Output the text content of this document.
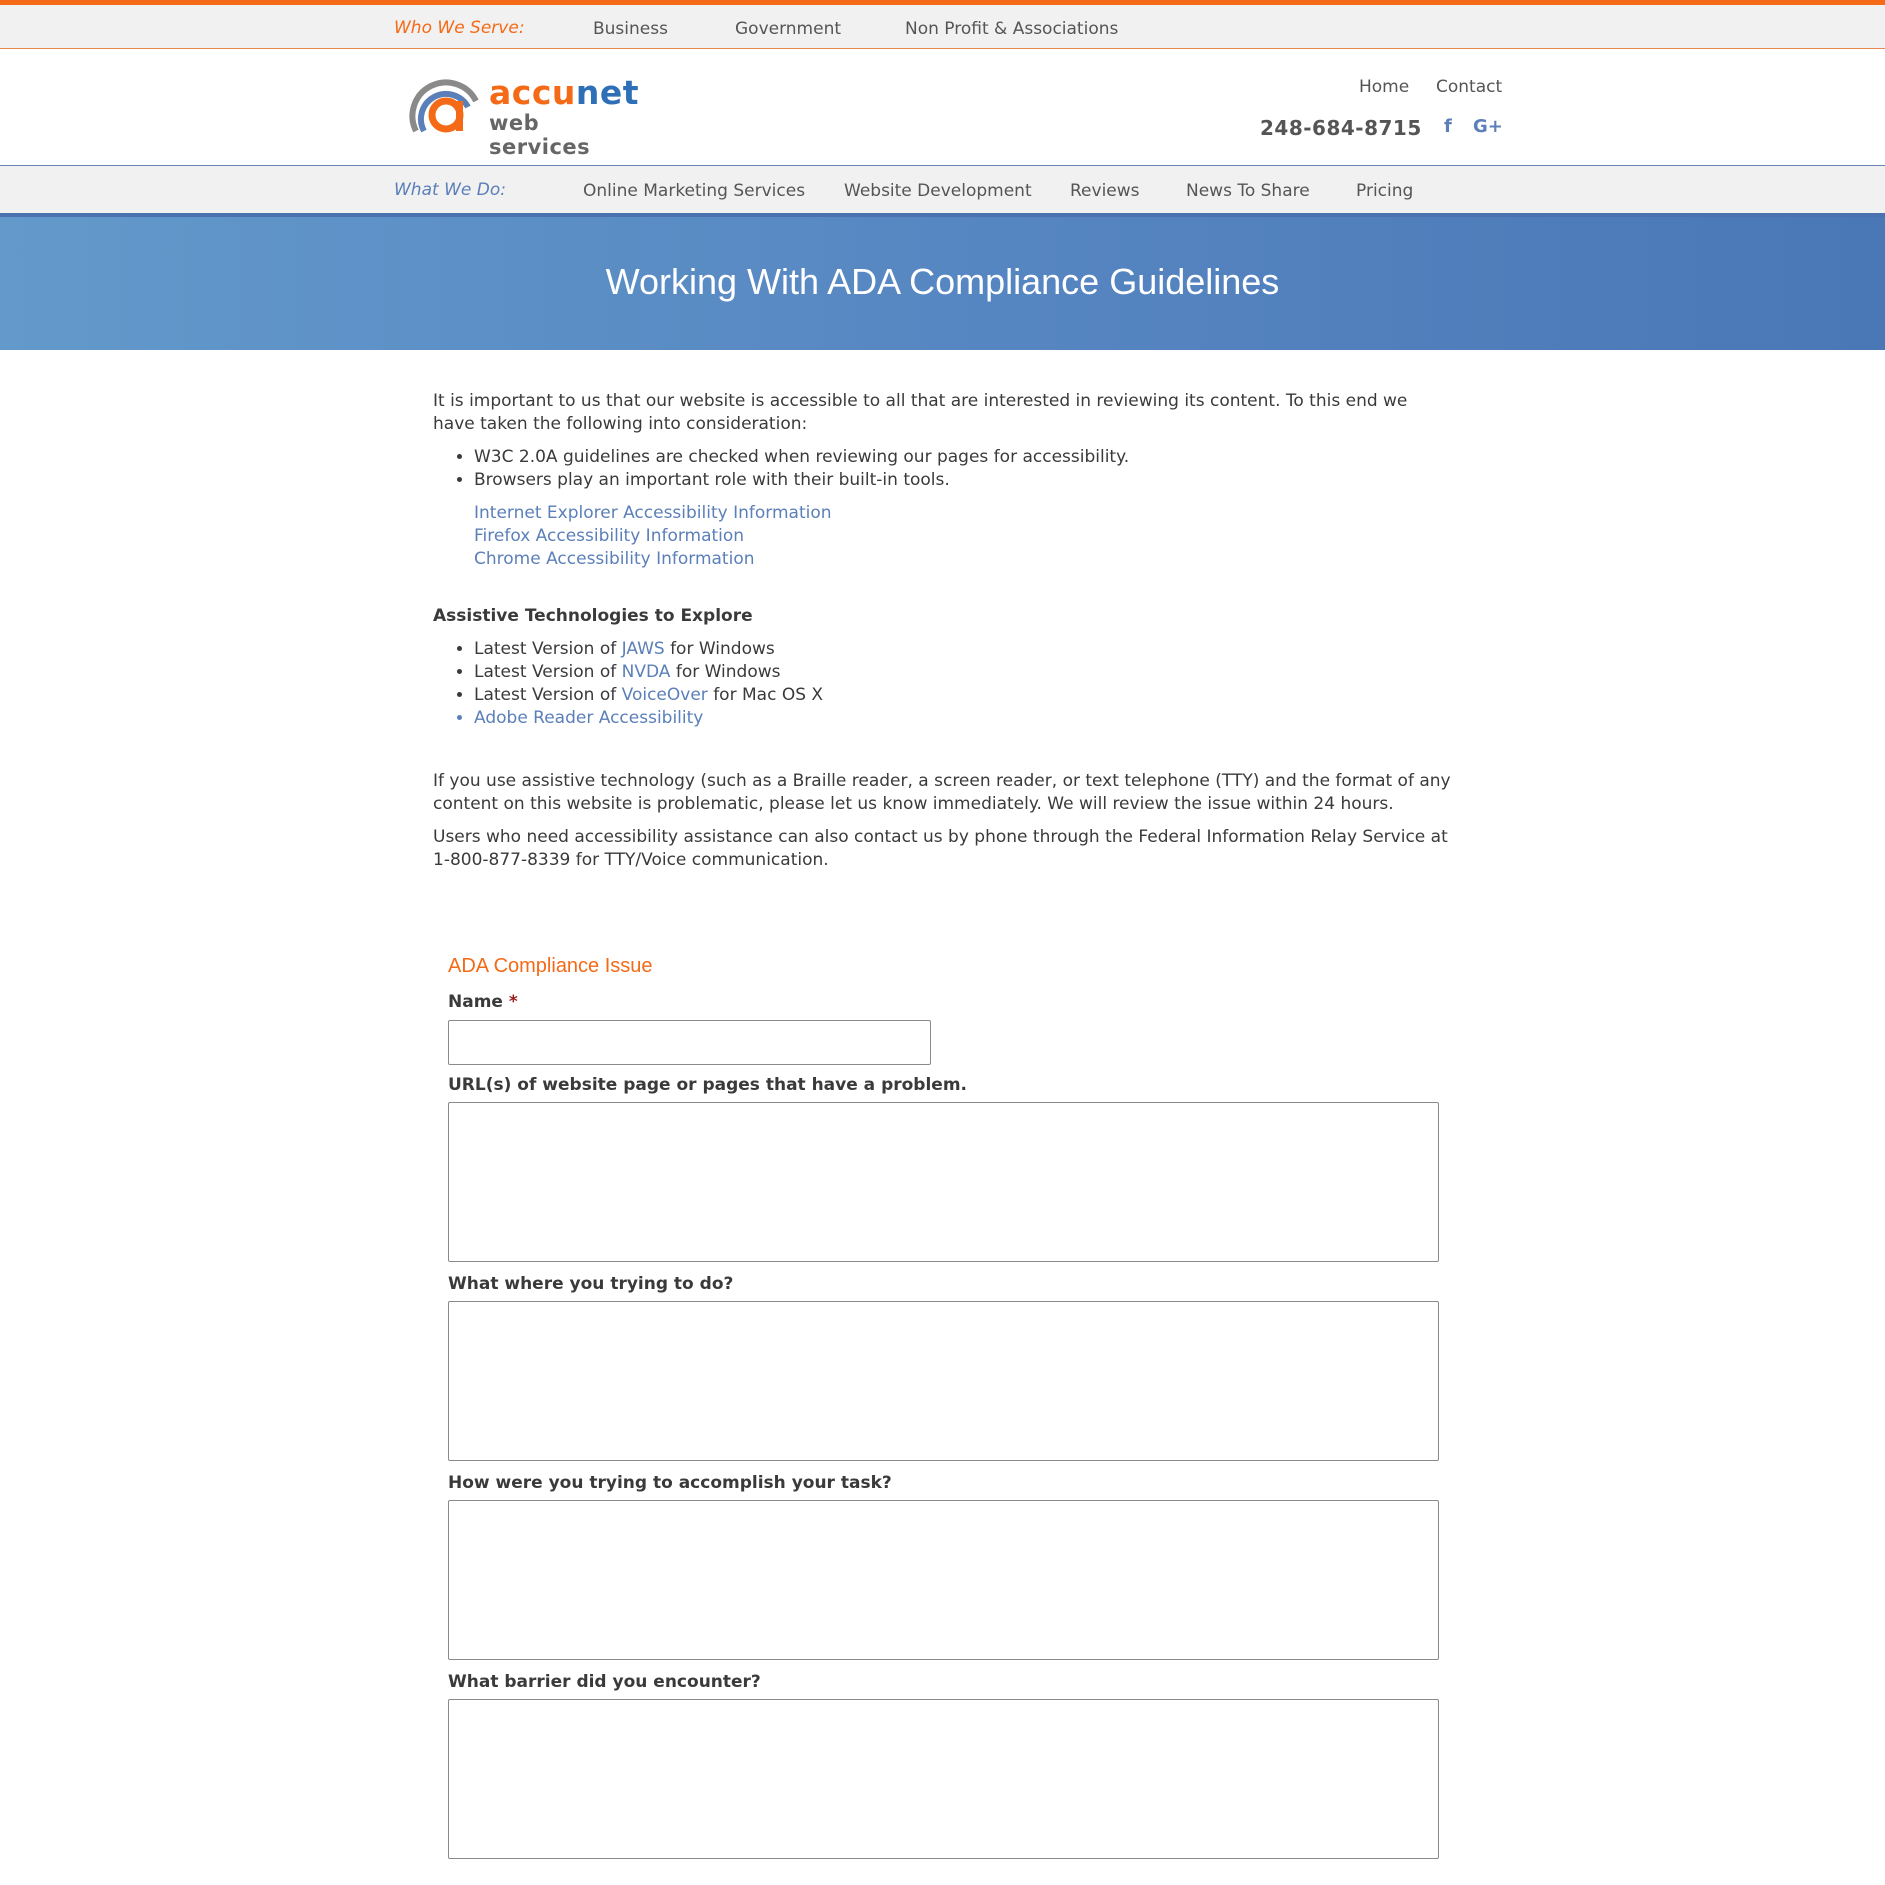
Who We Serve:	Business	Government	Non Profit & Associations
accunet
web services
Home Contact
248-684-8715 f G+
What We Do:	Online Marketing Services Website Development Reviews	News To Share	Pricing
Working With ADA Compliance Guidelines

It is important to us that our website is accessible to all that are interested in reviewing its content. To this end we have taken the following into consideration:

• W3C 2.0A guidelines are checked when reviewing our pages for accessibility.
• Browsers play an important role with their built-in tools.
Internet Explorer Accessibility Information
Firefox Accessibility Information
Chrome Accessibility Information
Assistive Technologies to Explore
• Latest Version of JAWS for Windows
• Latest Version of NVDA for Windows
• Latest Version of VoiceOver for Mac OS X
• Adobe Reader Accessibility

If you use assistive technology (such as a Braille reader, a screen reader, or text telephone (TTY) and the format of any content on this website is problematic, please let us know immediately. We will review the issue within 24 hours.

Users who need accessibility assistance can also contact us by phone through the Federal Information Relay Service at 1-800-877-8339 for TTY/Voice communication.

ADA Compliance Issue
Name *
URL(s) of website page or pages that have a problem.
What where you trying to do?
How were you trying to accomplish your task?
What barrier did you encounter?
